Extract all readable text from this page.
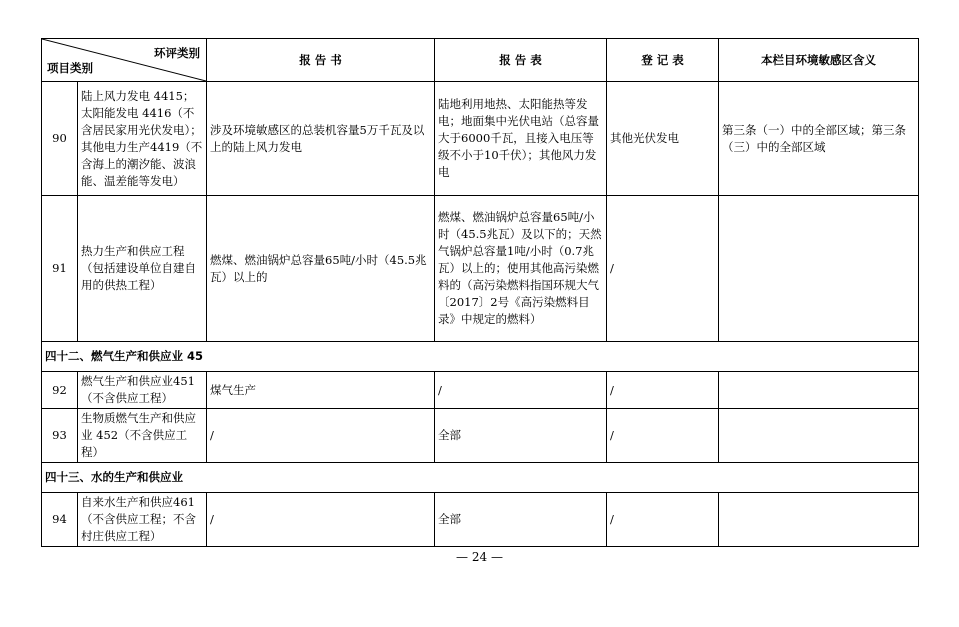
环评类别
项目类别		报 告 书	报 告 表	登 记 表	本栏目环境敏感区含义
90	陆上风力发电 4415；太阳能发电 4416（不含居民家用光伏发电）；其他电力生产4419（不含海上的潮汐能、波浪能、温差能等发电）	涉及环境敏感区的总装机容量5万千瓦及以上的陆上风力发电	陆地利用地热、太阳能热等发电；地面集中光伏电站（总容量大于6000千瓦，且接入电压等级不小于10千伏）；其他风力发电	其他光伏发电	第三条（一）中的全部区域；第三条（三）中的全部区域
91	热力生产和供应工程（包括建设单位自建自用的供热工程）	燃煤、燃油锅炉总容量65吨/小时（45.5兆瓦）以上的	燃煤、燃油锅炉总容量65吨/小时（45.5兆瓦）及以下的；天然气锅炉总容量1吨/小时（0.7兆瓦）以上的；使用其他高污染燃料的（高污染燃料指国环规大气〔2017〕2号《高污染燃料目录》中规定的燃料）	/	
四十二、燃气生产和供应业 45					
92	燃气生产和供应业451（不含供应工程）	煤气生产	/	/	
93	生物质燃气生产和供应业 452（不含供应工程）	/	全部	/	
四十三、水的生产和供应业					
94	自来水生产和供应461（不含供应工程；不含村庄供应工程）	/	全部	/	
— 24 —
